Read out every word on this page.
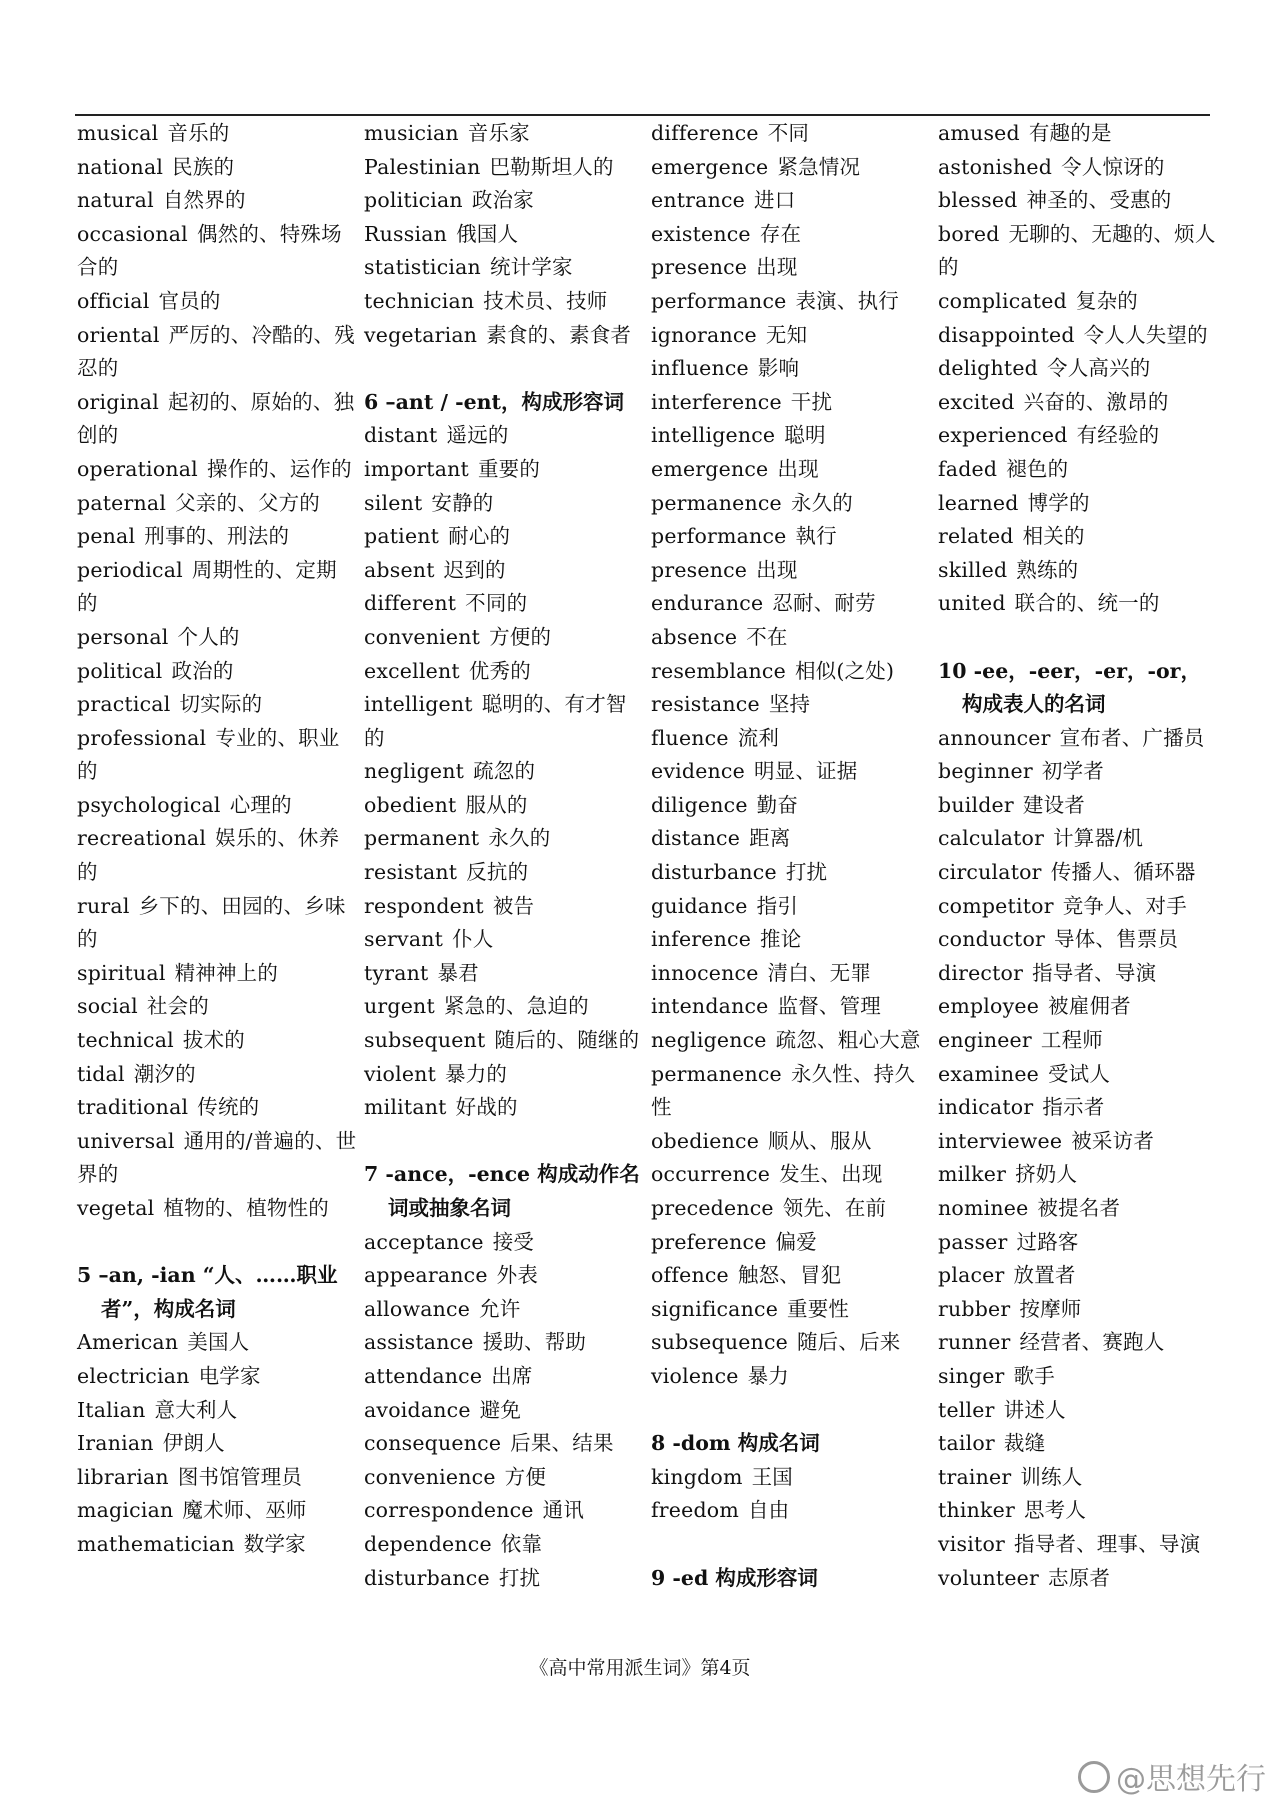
musical 音乐的
national 民族的
natural 自然界的
occasional 偶然的、特殊场合的
official 官员的
oriental 严厉的、冷酷的、残忍的
original 起初的、原始的、独创的
operational 操作的、运作的
paternal 父亲的、父方的
penal 刑事的、刑法的
periodical 周期性的、定期的
personal 个人的
political 政治的
practical 切实际的
professional 专业的、职业的
psychological 心理的
recreational 娱乐的、休养的
rural 乡下的、田园的、乡味的
spiritual 精神神上的
social 社会的
technical 拔术的
tidal 潮汐的
traditional 传统的
universal 通用的/普遍的、世界的
vegetal 植物的、植物性的
5 –an, -ian “人、……职业者”，构成名词
American 美国人
electrician 电学家
Italian 意大利人
Iranian 伊朗人
librarian 图书馆管理员
magician 魔术师、巫师
mathematician 数学家
musician 音乐家
Palestinian 巴勒斯坦人的
politician 政治家
Russian 俄国人
statistician 统计学家
technician 技术员、技师
vegetarian 素食的、素食者
6 –ant / -ent，构成形容词
distant 遥远的
important 重要的
silent 安静的
patient 耐心的
absent 迟到的
different 不同的
convenient 方便的
excellent 优秀的
intelligent 聪明的、有才智的
negligent 疏忽的
obedient 服从的
permanent 永久的
resistant 反抗的
respondent 被告
servant 仆人
tyrant 暴君
urgent 紧急的、急迫的
subsequent 随后的、随继的
violent 暴力的
militant 好战的
7 -ance，-ence 构成动作名词或抽象名词
acceptance 接受
appearance 外表
allowance 允许
assistance 援助、帮助
attendance 出席
avoidance 避免
consequence 后果、结果
convenience 方便
correspondence 通讯
dependence 依靠
disturbance 打扰
difference 不同
emergence 紧急情况
entrance 进口
existence 存在
presence 出现
performance 表演、执行
ignorance 无知
influence 影响
interference 干扰
intelligence 聪明
emergence 出现
permanence 永久的
performance 執行
presence 出现
endurance 忍耐、耐劳
absence 不在
resemblance 相似(之处)
resistance 坚持
fluence 流利
evidence 明显、证据
diligence 勤奋
distance 距离
disturbance 打扰
guidance 指引
inference 推论
innocence 清白、无罪
intendance 监督、管理
negligence 疏忽、粗心大意
permanence 永久性、持久性
obedience 顺从、服从
occurrence 发生、出现
precedence 领先、在前
preference 偏爱
offence 触怒、冒犯
significance 重要性
subsequence 随后、后来
violence 暴力
8 -dom 构成名词
kingdom 王国
freedom 自由
9 -ed 构成形容词
amused 有趣的是
astonished 令人惊讶的
blessed 神圣的、受惠的
bored 无聊的、无趣的、烦人的
complicated 复杂的
disappointed 令人人失望的
delighted 令人高兴的
excited 兴奋的、激昂的
experienced 有经验的
faded 褪色的
learned 博学的
related 相关的
skilled 熟练的
united 联合的、统一的
10 -ee，-eer，-er，-or，构成表人的名词
announcer 宣布者、广播员
beginner 初学者
builder 建设者
calculator 计算器/机
circulator 传播人、循环器
competitor 竞争人、对手
conductor 导体、售票员
director 指导者、导演
employee 被雇佣者
engineer 工程师
examinee 受试人
indicator 指示者
interviewee 被采访者
milker 挤奶人
nominee 被提名者
passer 过路客
placer 放置者
rubber 按摩师
runner 经营者、赛跑人
singer 歌手
teller 讲述人
tailor 裁缝
trainer 训练人
thinker 思考人
visitor 指导者、理事、导演
volunteer 志原者
《高中常用派生词》第4页
@思想先行
